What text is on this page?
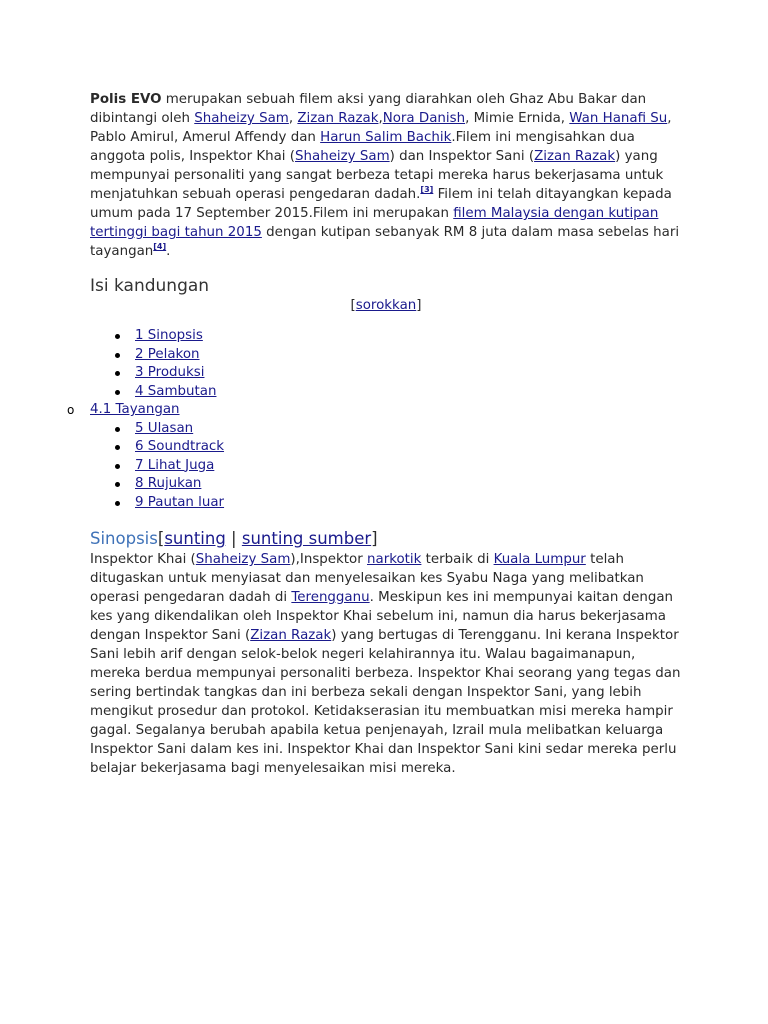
Polis EVO merupakan sebuah filem aksi yang diarahkan oleh Ghaz Abu Bakar dan dibintangi oleh Shaheizy Sam, Zizan Razak,Nora Danish, Mimie Ernida, Wan Hanafi Su, Pablo Amirul, Amerul Affendy dan Harun Salim Bachik.Filem ini mengisahkan dua anggota polis, Inspektor Khai (Shaheizy Sam) dan Inspektor Sani (Zizan Razak) yang mempunyai personaliti yang sangat berbeza tetapi mereka harus bekerjasama untuk menjatuhkan sebuah operasi pengedaran dadah.[3] Filem ini telah ditayangkan kepada umum pada 17 September 2015.Filem ini merupakan filem Malaysia dengan kutipan tertinggi bagi tahun 2015 dengan kutipan sebanyak RM 8 juta dalam masa sebelas hari tayangan[4].

Isi kandungan
[sorokkan]
1 Sinopsis
2 Pelakon
3 Produksi
4 Sambutan
o 4.1 Tayangan
5 Ulasan
6 Soundtrack
7 Lihat Juga
8 Rujukan
9 Pautan luar
Sinopsis[sunting | sunting sumber]

Inspektor Khai (Shaheizy Sam),Inspektor narkotik terbaik di Kuala Lumpur telah ditugaskan untuk menyiasat dan menyelesaikan kes Syabu Naga yang melibatkan operasi pengedaran dadah di Terengganu. Meskipun kes ini mempunyai kaitan dengan kes yang dikendalikan oleh Inspektor Khai sebelum ini, namun dia harus bekerjasama dengan Inspektor Sani (Zizan Razak) yang bertugas di Terengganu. Ini kerana Inspektor Sani lebih arif dengan selok-belok negeri kelahirannya itu. Walau bagaimanapun, mereka berdua mempunyai personaliti berbeza. Inspektor Khai seorang yang tegas dan sering bertindak tangkas dan ini berbeza sekali dengan Inspektor Sani, yang lebih mengikut prosedur dan protokol. Ketidakserasian itu membuatkan misi mereka hampir gagal. Segalanya berubah apabila ketua penjenayah, Izrail mula melibatkan keluarga Inspektor Sani dalam kes ini. Inspektor Khai dan Inspektor Sani kini sedar mereka perlu belajar bekerjasama bagi menyelesaikan misi mereka.
